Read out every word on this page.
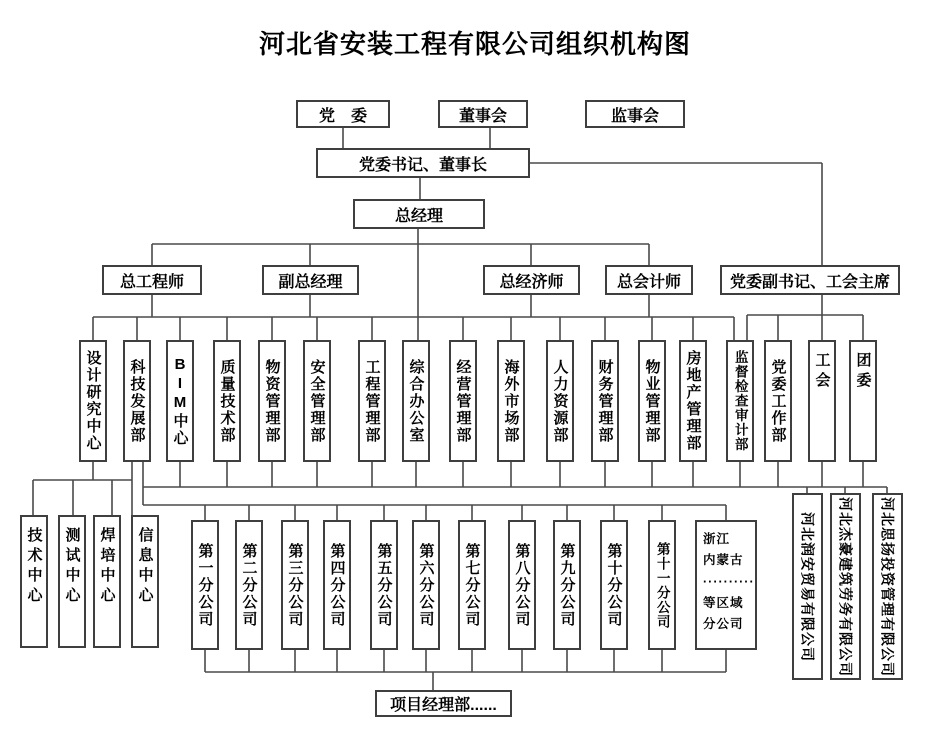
河北省安装工程有限公司组织机构图
党　委	董事会	监事会
党委书记、董事长
总经理
总工程师	副总经理	总经济师	总会计师	党委副书记、工会主席
设计研究中心 科技发展部 BIM中心 质量技术部 物资管理部 安全管理部	工程管理部 综合办公室 经营管理部 海外市场部 人力资源部 财务管理部 物业管理部 房地产管理部 监督检查审计部 党委工作部 工会 团委
技术中心 测试中心 焊培中心 信息中心	第一分公司 第二分公司 第三分公司 第四分公司 第五分公司 第六分公司 第七分公司 第八分公司 第九分公司 第十分公司 第十一分公司
浙江
内蒙古
··········
等区域
分公司	河北润安贸易有限公司 河北杰豪建筑劳务有限公司 河北思扬投资管理有限公司
项目经理部......
